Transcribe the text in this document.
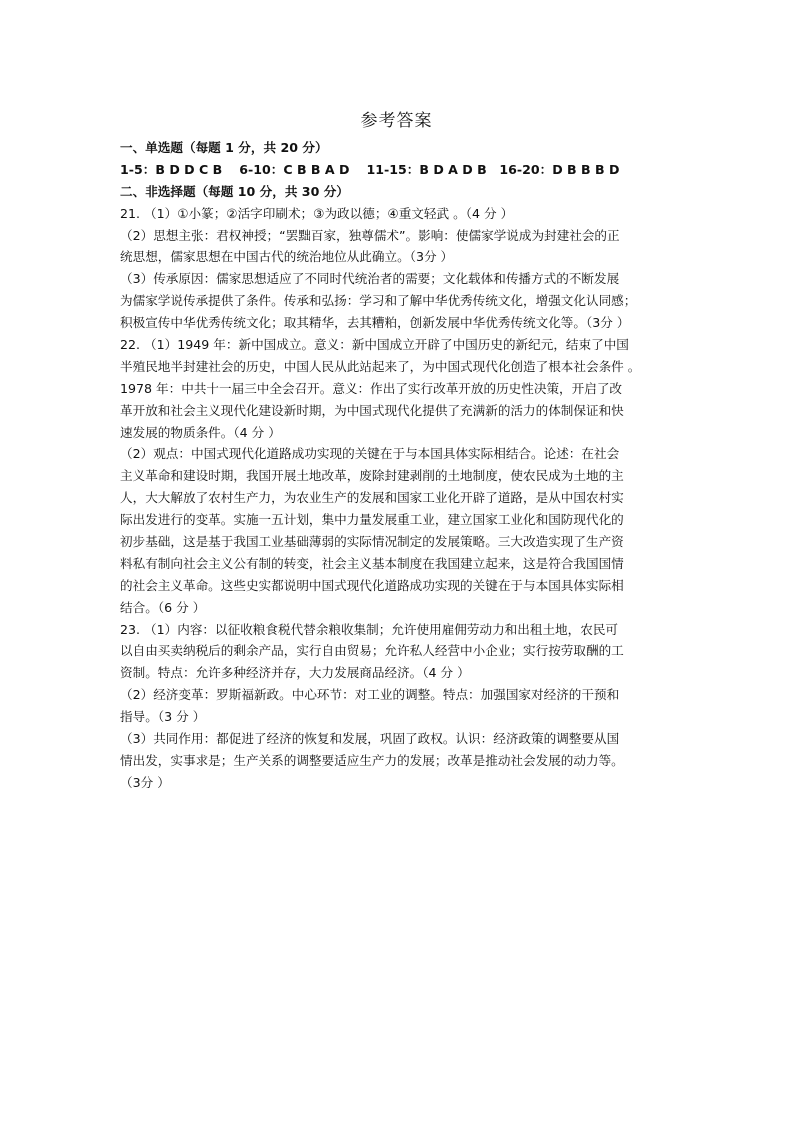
参考答案
一、单选题（每题 1 分，共 20 分）
1-5：B D D C B　 6-10：C B B A D　 11-15：B D A D B　16-20：D B B B D
二、非选择题（每题 10 分，共 30 分）
21. （1）①小篆；②活字印刷术；③为政以德；④重文轻武 。（4 分 ）
（2）思想主张：君权神授；“罢黜百家，独尊儒术”。影响：使儒家学说成为封建社会的正
统思想，儒家思想在中国古代的统治地位从此确立。（3分 ）
（3）传承原因：儒家思想适应了不同时代统治者的需要；文化载体和传播方式的不断发展
为儒家学说传承提供了条件。传承和弘扬：学习和了解中华优秀传统文化，增强文化认同感；
积极宣传中华优秀传统文化；取其精华，去其糟粕，创新发展中华优秀传统文化等。（3分 ）
22. （1）1949 年：新中国成立。意义：新中国成立开辟了中国历史的新纪元，结束了中国
半殖民地半封建社会的历史，中国人民从此站起来了，为中国式现代化创造了根本社会条件 。
1978 年：中共十一届三中全会召开。意义：作出了实行改革开放的历史性决策，开启了改
革开放和社会主义现代化建设新时期，为中国式现代化提供了充满新的活力的体制保证和快
速发展的物质条件。（4 分 ）
（2）观点：中国式现代化道路成功实现的关键在于与本国具体实际相结合。论述：在社会
主义革命和建设时期，我国开展土地改革，废除封建剥削的土地制度，使农民成为土地的主
人，大大解放了农村生产力，为农业生产的发展和国家工业化开辟了道路，是从中国农村实
际出发进行的变革。实施一五计划，集中力量发展重工业，建立国家工业化和国防现代化的
初步基础，这是基于我国工业基础薄弱的实际情况制定的发展策略。三大改造实现了生产资
料私有制向社会主义公有制的转变，社会主义基本制度在我国建立起来，这是符合我国国情
的社会主义革命。这些史实都说明中国式现代化道路成功实现的关键在于与本国具体实际相
结合。（6 分 ）
23. （1）内容：以征收粮食税代替余粮收集制；允许使用雇佣劳动力和出租土地，农民可
以自由买卖纳税后的剩余产品，实行自由贸易；允许私人经营中小企业；实行按劳取酬的工
资制。特点：允许多种经济并存，大力发展商品经济。（4 分 ）
（2）经济变革：罗斯福新政。中心环节：对工业的调整。特点：加强国家对经济的干预和
指导。（3 分 ）
（3）共同作用：都促进了经济的恢复和发展，巩固了政权。认识：经济政策的调整要从国
情出发，实事求是；生产关系的调整要适应生产力的发展；改革是推动社会发展的动力等。
（3分 ）
